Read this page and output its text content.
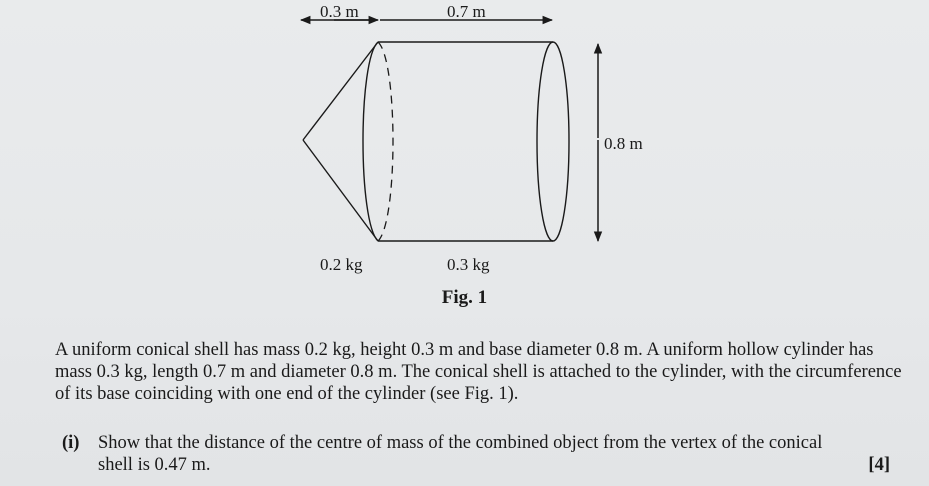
0.3 m	0.7 m
0.8 m
0.2 kg	0.3 kg
Fig. 1

A uniform conical shell has mass 0.2 kg, height 0.3 m and base diameter 0.8 m. A uniform hollow cylinder has mass 0.3 kg, length 0.7 m and diameter 0.8 m. The conical shell is attached to the cylinder, with the circumference of its base coinciding with one end of the cylinder (see Fig. 1).

(i) Show that the distance of the centre of mass of the combined object from the vertex of the conical
shell is 0.47 m.	[4]
